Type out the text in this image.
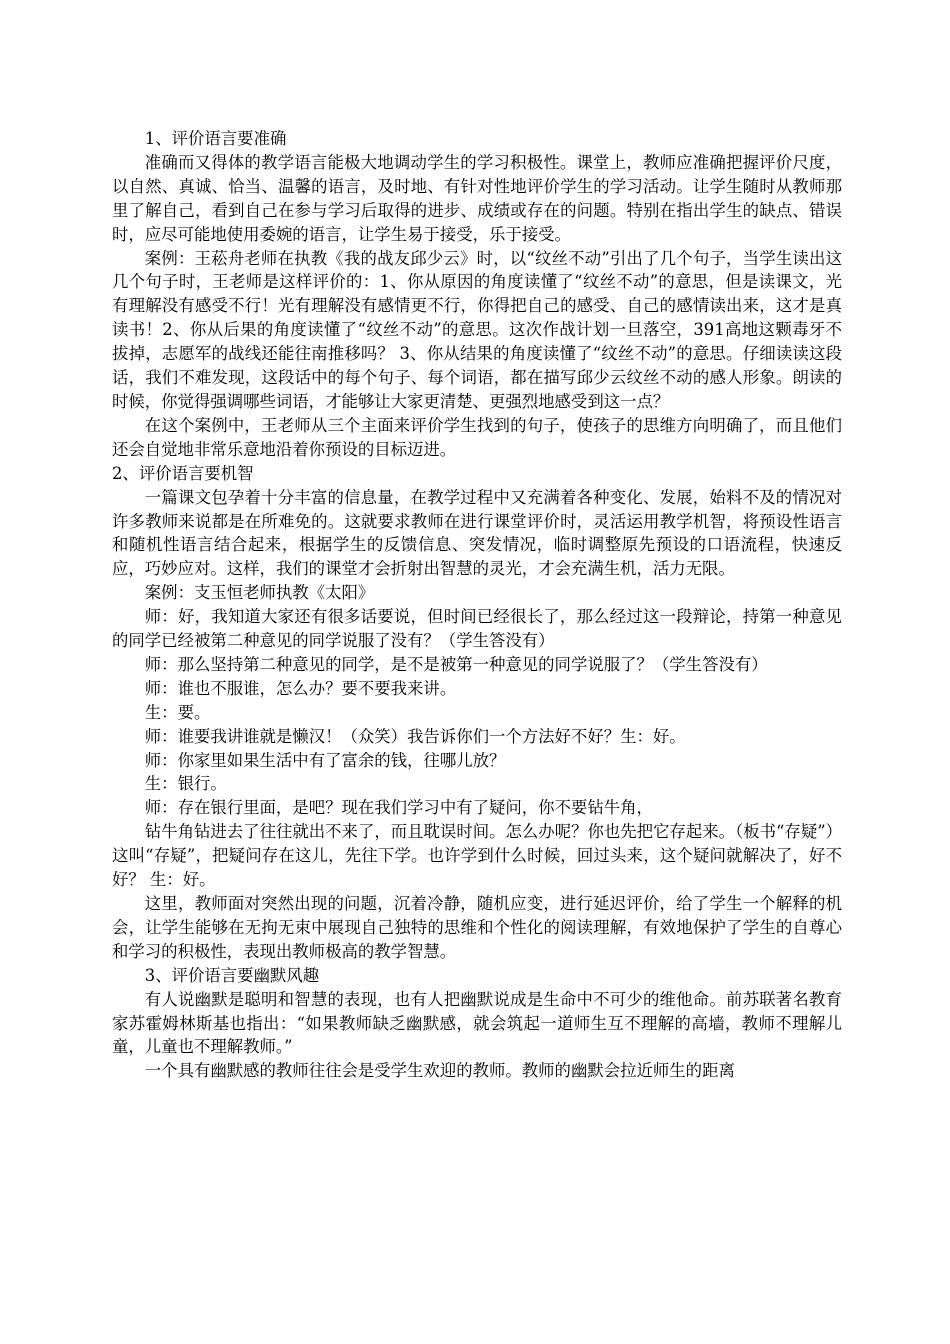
1、评价语言要准确

准确而又得体的教学语言能极大地调动学生的学习积极性。课堂上，教师应准确把握评价尺度，以自然、真诚、恰当、温馨的语言，及时地、有针对性地评价学生的学习活动。让学生随时从教师那里了解自己，看到自己在参与学习后取得的进步、成绩或存在的问题。特别在指出学生的缺点、错误时，应尽可能地使用委婉的语言，让学生易于接受，乐于接受。

案例：王菘舟老师在执教《我的战友邱少云》时，以“纹丝不动”引出了几个句子，当学生读出这几个句子时，王老师是这样评价的：1、你从原因的角度读懂了“纹丝不动”的意思，但是读课文，光有理解没有感受不行！光有理解没有感情更不行，你得把自己的感受、自己的感情读出来，这才是真读书！2、你从后果的角度读懂了“纹丝不动”的意思。这次作战计划一旦落空，391高地这颗毒牙不拔掉，志愿军的战线还能往南推移吗？ 3、你从结果的角度读懂了“纹丝不动”的意思。仔细读读这段话，我们不难发现，这段话中的每个句子、每个词语，都在描写邱少云纹丝不动的感人形象。朗读的时候，你觉得强调哪些词语，才能够让大家更清楚、更强烈地感受到这一点？

在这个案例中，王老师从三个主面来评价学生找到的句子，使孩子的思维方向明确了，而且他们还会自觉地非常乐意地沿着你预设的目标迈进。

2、评价语言要机智

一篇课文包孕着十分丰富的信息量，在教学过程中又充满着各种变化、发展，始料不及的情况对许多教师来说都是在所难免的。这就要求教师在进行课堂评价时，灵活运用教学机智，将预设性语言和随机性语言结合起来，根据学生的反馈信息、突发情况，临时调整原先预设的口语流程，快速反应，巧妙应对。这样，我们的课堂才会折射出智慧的灵光，才会充满生机，活力无限。

案例：支玉恒老师执教《太阳》

师：好，我知道大家还有很多话要说，但时间已经很长了，那么经过这一段辩论，持第一种意见的同学已经被第二种意见的同学说服了没有？（学生答没有）

师：那么坚持第二种意见的同学，是不是被第一种意见的同学说服了？（学生答没有）

师：谁也不服谁，怎么办？要不要我来讲。

生：要。

师：谁要我讲谁就是懒汉！（众笑）我告诉你们一个方法好不好？生：好。

师：你家里如果生活中有了富余的钱，往哪儿放？

生：银行。

师：存在银行里面，是吧？现在我们学习中有了疑问，你不要钻牛角，

钻牛角钻进去了往往就出不来了，而且耽误时间。怎么办呢？你也先把它存起来。（板书“存疑”）这叫“存疑”，把疑问存在这儿，先往下学。也许学到什么时候，回过头来，这个疑问就解决了，好不好？ 生：好。

这里，教师面对突然出现的问题，沉着冷静，随机应变，进行延迟评价，给了学生一个解释的机会，让学生能够在无拘无束中展现自己独特的思维和个性化的阅读理解，有效地保护了学生的自尊心和学习的积极性，表现出教师极高的教学智慧。

3、评价语言要幽默风趣

有人说幽默是聪明和智慧的表现，也有人把幽默说成是生命中不可少的维他命。前苏联著名教育家苏霍姆林斯基也指出：“如果教师缺乏幽默感，就会筑起一道师生互不理解的高墙，教师不理解儿童，儿童也不理解教师。”

一个具有幽默感的教师往往会是受学生欢迎的教师。教师的幽默会拉近师生的距离
